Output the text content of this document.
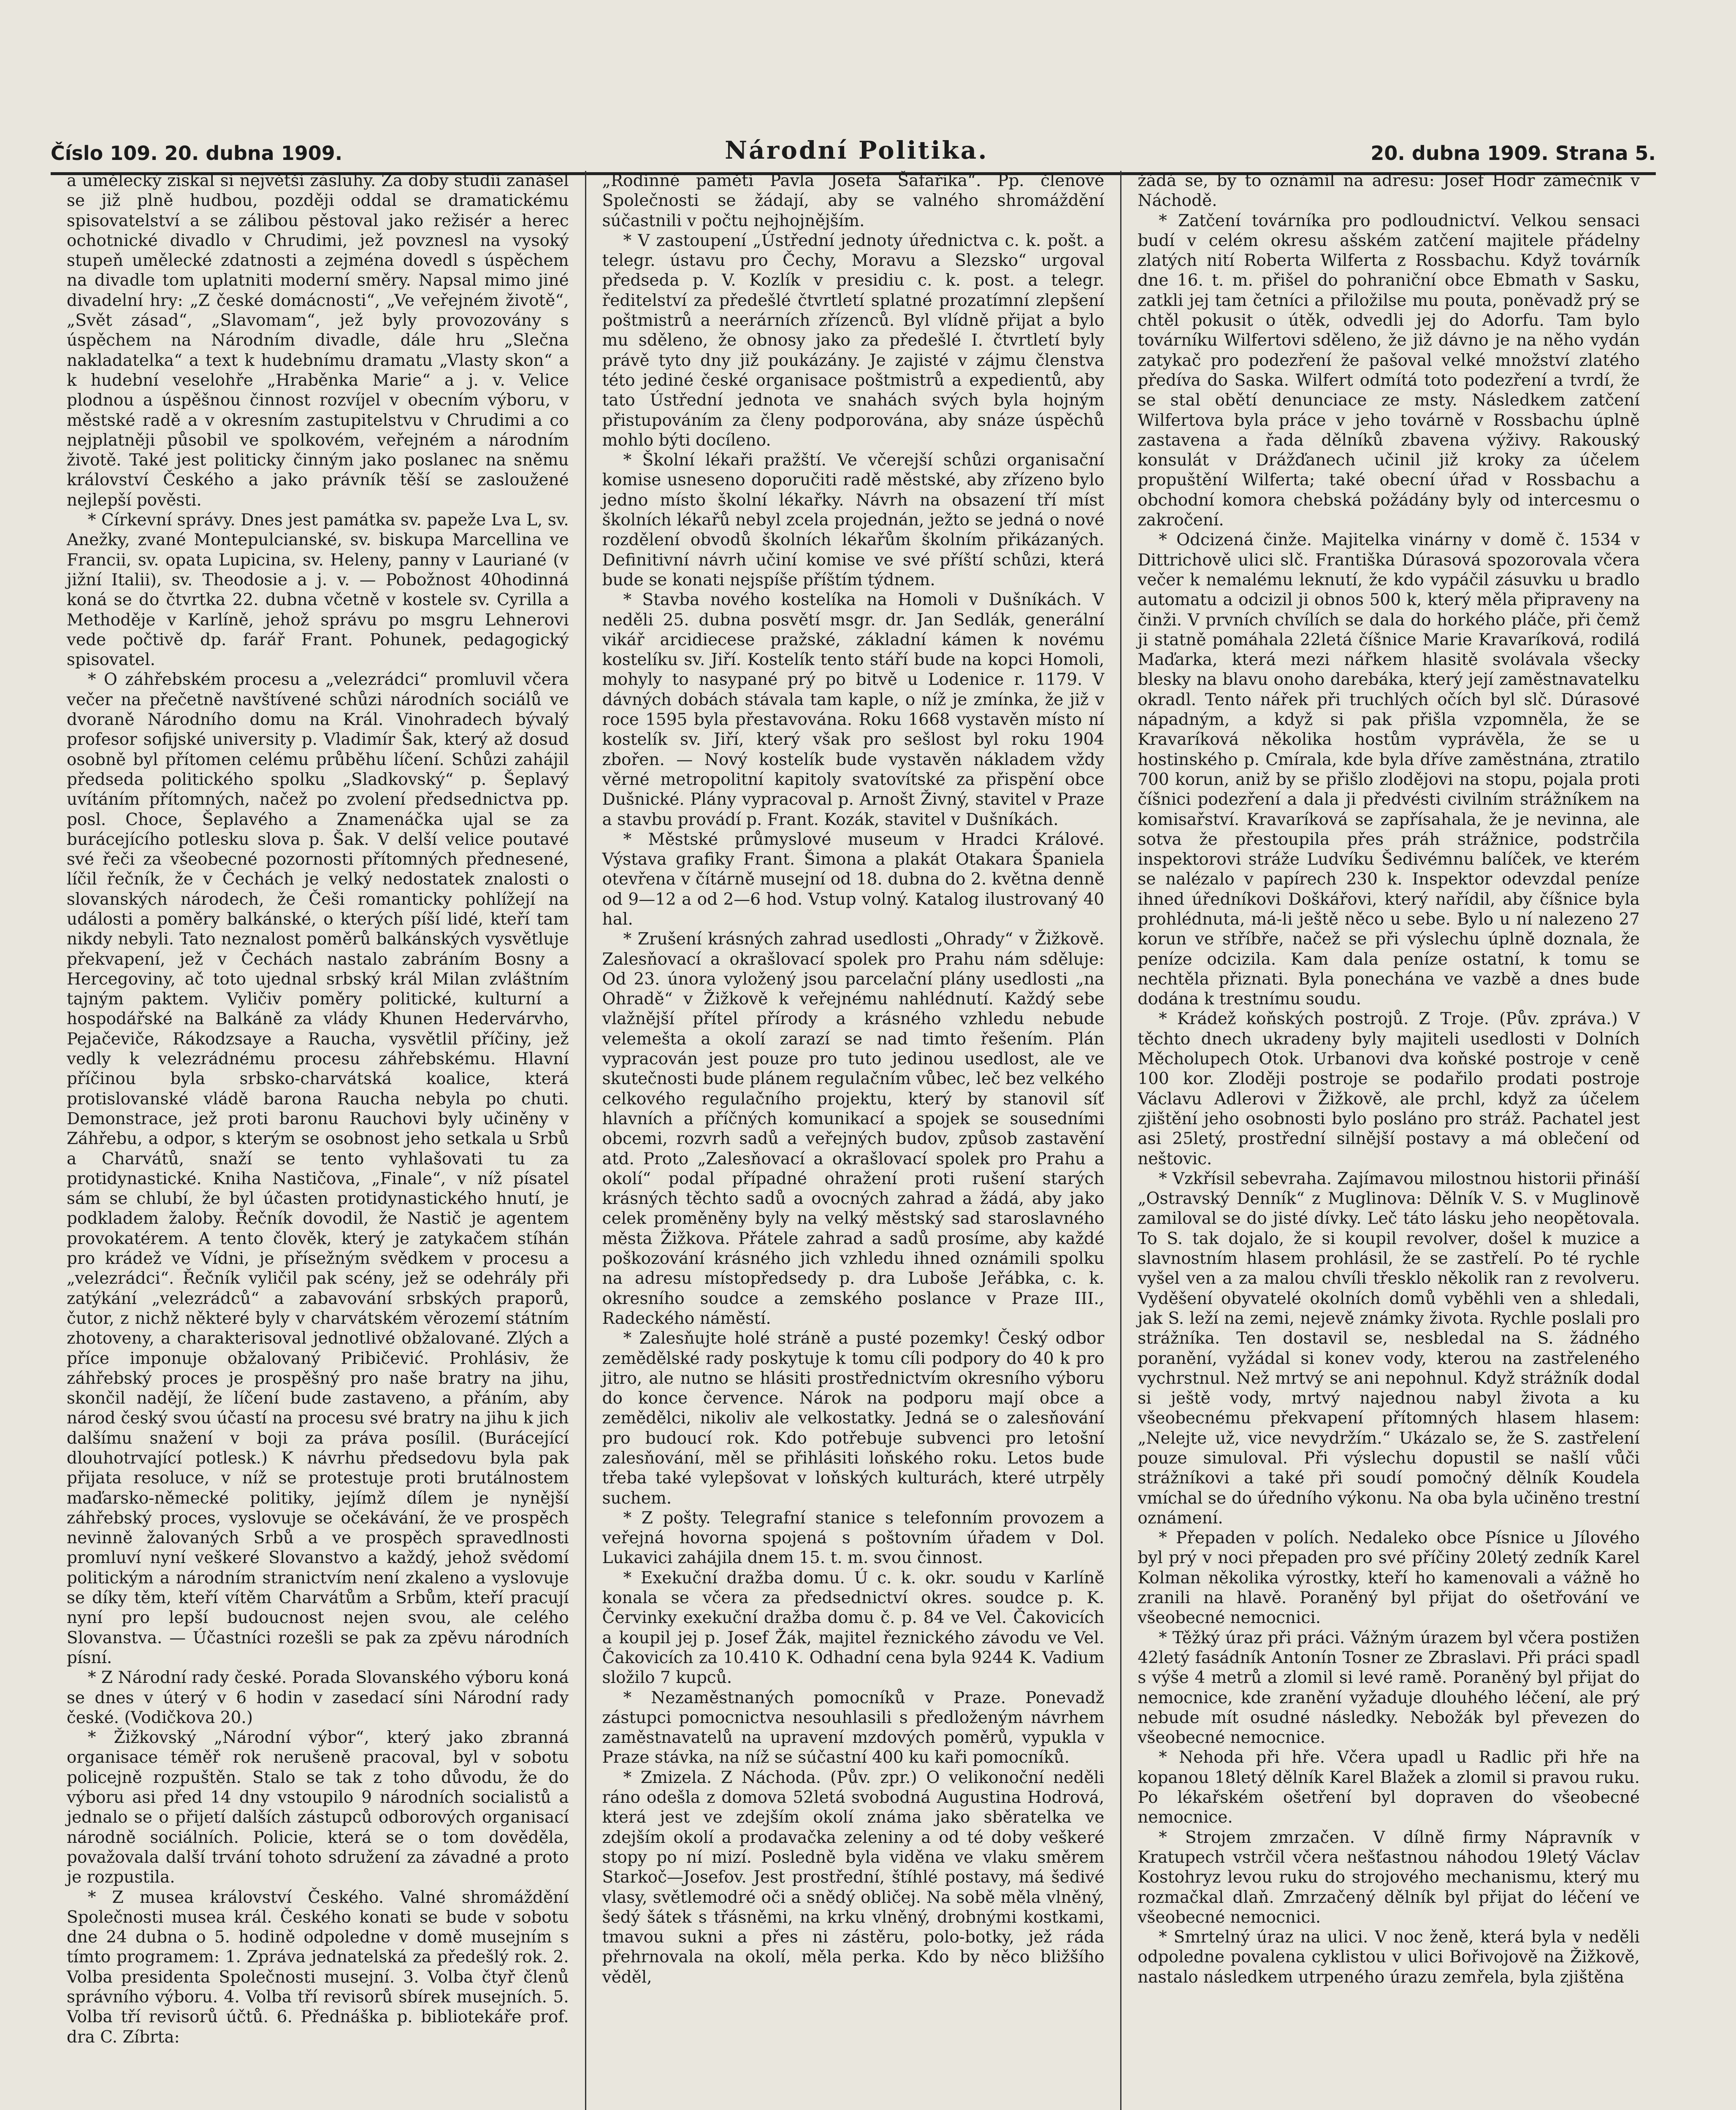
Číslo 109. 20. dubna 1909.	Národní Politika.	20. dubna 1909. Strana 5.

a umělecký získal si největší zásluhy. Za doby studií zanášel se již plně hudbou, později oddal se dramatickému spisovatelství a se zálibou pěstoval jako režisér a herec ochotnické divadlo v Chrudimi, jež povznesl na vysoký stupeň umělecké zdatnosti a zejména dovedl s úspěchem na divadle tom uplatniti moderní směry. Napsal mimo jiné divadelní hry: „Z české domácnosti“, „Ve veřejném životě“, „Svět zásad“, „Slavomam“, jež byly provozovány s úspěchem na Národním divadle, dále hru „Slečna nakladatelka“ a text k hudebnímu dramatu „Vlasty skon“ a k hudební veselohře „Hraběnka Marie“ a j. v. Velice plodnou a úspěšnou činnost rozvíjel v obecním výboru, v městské radě a v okresním zastupitelstvu v Chrudimi a co nejplatněji působil ve spolkovém, veřejném a národním životě. Také jest politicky činným jako poslanec na sněmu království Českého a jako právník těší se zasloužené nejlepší pověsti.

* Církevní správy. Dnes jest památka sv. papeže Lva L, sv. Anežky, zvané Montepulcianské, sv. biskupa Marcellina ve Francii, sv. opata Lupicina, sv. Heleny, panny v Lauriané (v jižní Italii), sv. Theodosie a j. v. — Pobožnost 40hodinná koná se do čtvrtka 22. dubna včetně v kostele sv. Cyrilla a Methoděje v Karlíně, jehož správu po msgru Lehnerovi vede počtivě dp. farář Frant. Pohunek, pedagogický spisovatel.

* O záhřebském procesu a „velezrádci“ promluvil včera večer na přečetně navštívené schůzi národních sociálů ve dvoraně Národního domu na Král. Vinohradech bývalý profesor sofijské university p. Vladimír Šak, který až dosud osobně byl přítomen celému průběhu líčení. Schůzi zahájil předseda politického spolku „Sladkovský“ p. Šeplavý uvítáním přítomných, načež po zvolení předsednictva pp. posl. Choce, Šeplavého a Znamenáčka ujal se za burácejícího potlesku slova p. Šak. V delší velice poutavé své řeči za všeobecné pozornosti přítomných přednesené, líčil řečník, že v Čechách je velký nedostatek znalosti o slovanských národech, že Češi romanticky pohlížejí na události a poměry balkánské, o kterých píší lidé, kteří tam nikdy nebyli. Tato neznalost poměrů balkánských vysvětluje překvapení, jež v Čechách nastalo zabráním Bosny a Hercegoviny, ač toto ujednal srbský král Milan zvláštním tajným paktem. Vyličiv poměry politické, kulturní a hospodářské na Balkáně za vlády Khunen Hedervárvho, Pejačeviče, Rákodzsaye a Raucha, vysvětlil příčiny, jež vedly k velezrádnému procesu záhřebskému. Hlavní příčinou byla srbsko-charvátská koalice, která protislovanské vládě barona Raucha nebyla po chuti. Demonstrace, jež proti baronu Rauchovi byly učiněny v Záhřebu, a odpor, s kterým se osobnost jeho setkala u Srbů a Charvátů, snaží se tento vyhlašovati tu za protidynastické. Kniha Nastičova, „Finale“, v níž písatel sám se chlubí, že byl účasten protidynastického hnutí, je podkladem žaloby. Řečník dovodil, že Nastič je agentem provokatérem. A tento člověk, který je zatykačem stíhán pro krádež ve Vídni, je přísežným svědkem v procesu a „velezrádci“. Řečník vyličil pak scény, jež se odehrály při zatýkání „velezrádců“ a zabavování srbských praporů, čutor, z nichž některé byly v charvátském věrozemí státním zhotoveny, a charakterisoval jednotlivé obžalované. Zlých a příce imponuje obžalovaný Pribičević. Prohlásiv, že záhřebský proces je prospěšný pro naše bratry na jihu, skončil nadějí, že líčení bude zastaveno, a přáním, aby národ český svou účastí na procesu své bratry na jihu k jich dalšímu snažení v boji za práva posílil. (Burácející dlouhotrvající potlesk.) K návrhu předsedovu byla pak přijata resoluce, v níž se protestuje proti brutálnostem maďarsko-německé politiky, jejímž dílem je nynější záhřebský proces, vyslovuje se očekávání, že ve prospěch nevinně žalovaných Srbů a ve prospěch spravedlnosti promluví nyní veškeré Slovanstvo a každý, jehož svědomí politickým a národním stranictvím není zkaleno a vyslovuje se díky těm, kteří vítěm Charvátům a Srbům, kteří pracují nyní pro lepší budoucnost nejen svou, ale celého Slovanstva. — Účastníci rozešli se pak za zpěvu národních písní.

* Z Národní rady české. Porada Slovanského výboru koná se dnes v úterý v 6 hodin v zasedací síni Národní rady české. (Vodičkova 20.)

* Žižkovský „Národní výbor“, který jako zbranná organisace téměř rok nerušeně pracoval, byl v sobotu policejně rozpuštěn. Stalo se tak z toho důvodu, že do výboru asi před 14 dny vstoupilo 9 národních socialistů a jednalo se o přijetí dalších zástupců odborových organisací národně sociálních. Policie, která se o tom dověděla, považovala další trvání tohoto sdružení za závadné a proto je rozpustila.

* Z musea království Českého. Valné shromáždění Společnosti musea král. Českého konati se bude v sobotu dne 24 dubna o 5. hodině odpoledne v domě musejním s tímto programem: 1. Zpráva jednatelská za předešlý rok. 2. Volba presidenta Společnosti musejní. 3. Volba čtyř členů správního výboru. 4. Volba tří revisorů sbírek musejních. 5. Volba tří revisorů účtů. 6. Přednáška p. bibliotekáře prof. dra C. Zíbrta:

„Rodinné paměti Pavla Josefa Šafaříka“. Pp. členové Společnosti se žádají, aby se valného shromáždění súčastnili v počtu nejhojnějším.

* V zastoupení „Ústřední jednoty úřednictva c. k. pošt. a telegr. ústavu pro Čechy, Moravu a Slezsko“ urgoval předseda p. V. Kozlík v presidiu c. k. post. a telegr. ředitelství za předešlé čtvrtletí splatné prozatímní zlepšení poštmistrů a neerárních zřízenců. Byl vlídně přijat a bylo mu sděleno, že obnosy jako za předešlé I. čtvrtletí byly právě tyto dny již poukázány. Je zajisté v zájmu členstva této jediné české organisace poštmistrů a expedientů, aby tato Ústřední jednota ve snahách svých byla hojným přistupováním za členy podporována, aby snáze úspěchů mohlo býti docíleno.

* Školní lékaři pražští. Ve včerejší schůzi organisační komise usneseno doporučiti radě městské, aby zřízeno bylo jedno místo školní lékařky. Návrh na obsazení tří míst školních lékařů nebyl zcela projednán, ježto se jedná o nové rozdělení obvodů školních lékařům školním přikázaných. Definitivní návrh učiní komise ve své příští schůzi, která bude se konati nejspíše příštím týdnem.

* Stavba nového kostelíka na Homoli v Dušníkách. V neděli 25. dubna posvětí msgr. dr. Jan Sedlák, generální vikář arcidiecese pražské, základní kámen k novému kostelíku sv. Jiří. Kostelík tento stáří bude na kopci Homoli, mohyly to nasypané prý po bitvě u Lodenice r. 1179. V dávných dobách stávala tam kaple, o níž je zmínka, že již v roce 1595 byla přestavována. Roku 1668 vystavěn místo ní kostelík sv. Jiří, který však pro sešlost byl roku 1904 zbořen. — Nový kostelík bude vystavěn nákladem vždy věrné metropolitní kapitoly svatovítské za přispění obce Dušnické. Plány vypracoval p. Arnošt Živný, stavitel v Praze a stavbu provádí p. Frant. Kozák, stavitel v Dušníkách.

* Městské průmyslové museum v Hradci Králové. Výstava grafiky Frant. Šimona a plakát Otakara Španiela otevřena v čítárně musejní od 18. dubna do 2. května denně od 9—12 a od 2—6 hod. Vstup volný. Katalog ilustrovaný 40 hal.

* Zrušení krásných zahrad usedlosti „Ohrady“ v Žižkově. Zalesňovací a okrašlovací spolek pro Prahu nám sděluje: Od 23. února vyložený jsou parcelační plány usedlosti „na Ohradě“ v Žižkově k veřejnému nahlédnutí. Každý sebe vlažnější přítel přírody a krásného vzhledu nebude velemešta a okolí zarazí se nad timto řešením. Plán vypracován jest pouze pro tuto jedinou usedlost, ale ve skutečnosti bude plánem regulačním vůbec, leč bez velkého celkového regulačního projektu, který by stanovil síť hlavních a příčných komunikací a spojek se sousedními obcemi, rozvrh sadů a veřejných budov, způsob zastavění atd. Proto „Zalesňovací a okrašlovací spolek pro Prahu a okolí“ podal případné ohražení proti rušení starých krásných těchto sadů a ovocných zahrad a žádá, aby jako celek proměněny byly na velký městský sad staroslavného města Žižkova. Přátele zahrad a sadů prosíme, aby každé poškozování krásného jich vzhledu ihned oznámili spolku na adresu místopředsedy p. dra Luboše Jeřábka, c. k. okresního soudce a zemského poslance v Praze III., Radeckého náměstí.

* Zalesňujte holé stráně a pusté pozemky! Český odbor zemědělské rady poskytuje k tomu cíli podpory do 40 k pro jitro, ale nutno se hlásiti prostřednictvím okresního výboru do konce července. Nárok na podporu mají obce a zemědělci, nikoliv ale velkostatky. Jedná se o zalesňování pro budoucí rok. Kdo potřebuje subvenci pro letošní zalesňování, měl se přihlásiti loňského roku. Letos bude třeba také vylepšovat v loňských kulturách, které utrpěly suchem.

* Z pošty. Telegrafní stanice s telefonním provozem a veřejná hovorna spojená s poštovním úřadem v Dol. Lukavici zahájila dnem 15. t. m. svou činnost.

* Exekuční dražba domu. Ú c. k. okr. soudu v Karlíně konala se včera za předsednictví okres. soudce p. K. Červinky exekuční dražba domu č. p. 84 ve Vel. Čakovicích a koupil jej p. Josef Žák, majitel řeznického závodu ve Vel. Čakovicích za 10.410 K. Odhadní cena byla 9244 K. Vadium složilo 7 kupců.

* Nezaměstnaných pomocníků v Praze. Ponevadž zástupci pomocnictva nesouhlasili s předloženým návrhem zaměstnavatelů na upravení mzdových poměrů, vypukla v Praze stávka, na níž se súčastní 400 ku kaři pomocníků.

* Zmizela. Z Náchoda. (Pův. zpr.) O velikonoční neděli ráno odešla z domova 52letá svobodná Augustina Hodrová, která jest ve zdejším okolí známa jako sběratelka ve zdejším okolí a prodavačka zeleniny a od té doby veškeré stopy po ní mizí. Posledně byla viděna ve vlaku směrem Starkoč—Josefov. Jest prostřední, štíhlé postavy, má šedivé vlasy, světlemodré oči a snědý obličej. Na sobě měla vlněný, šedý šátek s třásněmi, na krku vlněný, drobnými kostkami, tmavou sukni a přes ni zástěru, polo-botky, jež ráda přehrnovala na okolí, měla perka. Kdo by něco bližšího věděl,

žádá se, by to oznámil na adresu: Josef Hodr zámečník v Náchodě.

* Zatčení továrníka pro podloudnictví. Velkou sensaci budí v celém okresu ašském zatčení majitele přádelny zlatých nití Roberta Wilferta z Rossbachu. Když továrník dne 16. t. m. přišel do pohraniční obce Ebmath v Sasku, zatkli jej tam četníci a přiložilse mu pouta, poněvadž prý se chtěl pokusit o útěk, odvedli jej do Adorfu. Tam bylo továrníku Wilfertovi sděleno, že již dávno je na něho vydán zatykač pro podezření že pašoval velké množství zlatého předíva do Saska. Wilfert odmítá toto podezření a tvrdí, že se stal obětí denunciace ze msty. Následkem zatčení Wilfertova byla práce v jeho továrně v Rossbachu úplně zastavena a řada dělníků zbavena výživy. Rakouský konsulát v Drážďanech učinil již kroky za účelem propuštění Wilferta; také obecní úřad v Rossbachu a obchodní komora chebská požádány byly od intercesmu o zakročení.

* Odcizená činže. Majitelka vinárny v domě č. 1534 v Dittrichově ulici slč. Františka Dúrasová spozorovala včera večer k nemalému leknutí, že kdo vypáčil zásuvku u bradlo automatu a odcizil ji obnos 500 k, který měla připraveny na činži. V prvních chvílích se dala do horkého pláče, při čemž ji statně pomáhala 22letá číšnice Marie Kravaríková, rodilá Maďarka, která mezi nářkem hlasitě svolávala všecky blesky na blavu onoho darebáka, který její zaměstnavatelku okradl. Tento nářek při truchlých očích byl slč. Dúrasové nápadným, a když si pak přišla vzpomněla, že se Kravaríková několika hostům vyprávěla, že se u hostinského p. Cmírala, kde byla dříve zaměstnána, ztratilo 700 korun, aniž by se přišlo zlodějovi na stopu, pojala proti číšnici podezření a dala ji předvésti civilním strážníkem na komisařství. Kravaríková se zapřísahala, že je nevinna, ale sotva že přestoupila přes práh strážnice, podstrčila inspektorovi stráže Ludvíku Šedivémnu balíček, ve kterém se nalézalo v papírech 230 k. Inspektor odevzdal peníze ihned úředníkovi Doškářovi, který nařídil, aby číšnice byla prohlédnuta, má-li ještě něco u sebe. Bylo u ní nalezeno 27 korun ve stříbře, načež se při výslechu úplně doznala, že peníze odcizila. Kam dala peníze ostatní, k tomu se nechtěla přiznati. Byla ponechána ve vazbě a dnes bude dodána k trestnímu soudu.

* Krádež koňských postrojů. Z Troje. (Pův. zpráva.) V těchto dnech ukradeny byly majiteli usedlosti v Dolních Měcholupech Otok. Urbanovi dva koňské postroje v ceně 100 kor. Zloději postroje se podařilo prodati postroje Václavu Adlerovi v Žižkově, ale prchl, když za účelem zjištění jeho osobnosti bylo posláno pro stráž. Pachatel jest asi 25letý, prostřední silnější postavy a má oblečení od neštovic.

* Vzkřísil sebevraha. Zajímavou milostnou historii přináší „Ostravský Denník“ z Muglinova: Dělník V. S. v Muglinově zamiloval se do jisté dívky. Leč táto lásku jeho neopětovala. To S. tak dojalo, že si koupil revolver, došel k muzice a slavnostním hlasem prohlásil, že se zastřelí. Po té rychle vyšel ven a za malou chvíli třesklo několik ran z revolveru. Vyděšení obyvatelé okolních domů vyběhli ven a shledali, jak S. leží na zemi, nejevě známky života. Rychle poslali pro strážníka. Ten dostavil se, nesbledal na S. žádného poranění, vyžádal si konev vody, kterou na zastřeleného vychrstnul. Než mrtvý se ani nepohnul. Když strážník dodal si ještě vody, mrtvý najednou nabyl života a ku všeobecnému překvapení přítomných hlasem hlasem: „Nelejte už, vice nevydržím.“ Ukázalo se, že S. zastřelení pouze simuloval. Při výslechu dopustil se našlí vůči strážníkovi a také při soudí pomočný dělník Koudela vmíchal se do úředního výkonu. Na oba byla učiněno trestní oznámení.

* Přepaden v polích. Nedaleko obce Písnice u Jílového byl prý v noci přepaden pro své příčiny 20letý zedník Karel Kolman několika výrostky, kteří ho kamenovali a vážně ho zranili na hlavě. Poraněný byl přijat do ošetřování ve všeobecné nemocnici.

* Těžký úraz při práci. Vážným úrazem byl včera postižen 42letý fasádník Antonín Tosner ze Zbraslavi. Při práci spadl s výše 4 metrů a zlomil si levé ramě. Poraněný byl přijat do nemocnice, kde zranění vyžaduje dlouhého léčení, ale prý nebude mít osudné následky. Nebožák byl převezen do všeobecné nemocnice.

* Nehoda při hře. Včera upadl u Radlic při hře na kopanou 18letý dělník Karel Blažek a zlomil si pravou ruku. Po lékařském ošetření byl dopraven do všeobecné nemocnice.

* Strojem zmrzačen. V dílně firmy Nápravník v Kratupech vstrčil včera nešťastnou náhodou 19letý Václav Kostohryz levou ruku do strojového mechanismu, který mu rozmačkal dlaň. Zmrzačený dělník byl přijat do léčení ve všeobecné nemocnici.

* Smrtelný úraz na ulici. V noc ženě, která byla v neděli odpoledne povalena cyklistou v ulici Bořivojově na Žižkově, nastalo následkem utrpeného úrazu zemřela, byla zjištěna
